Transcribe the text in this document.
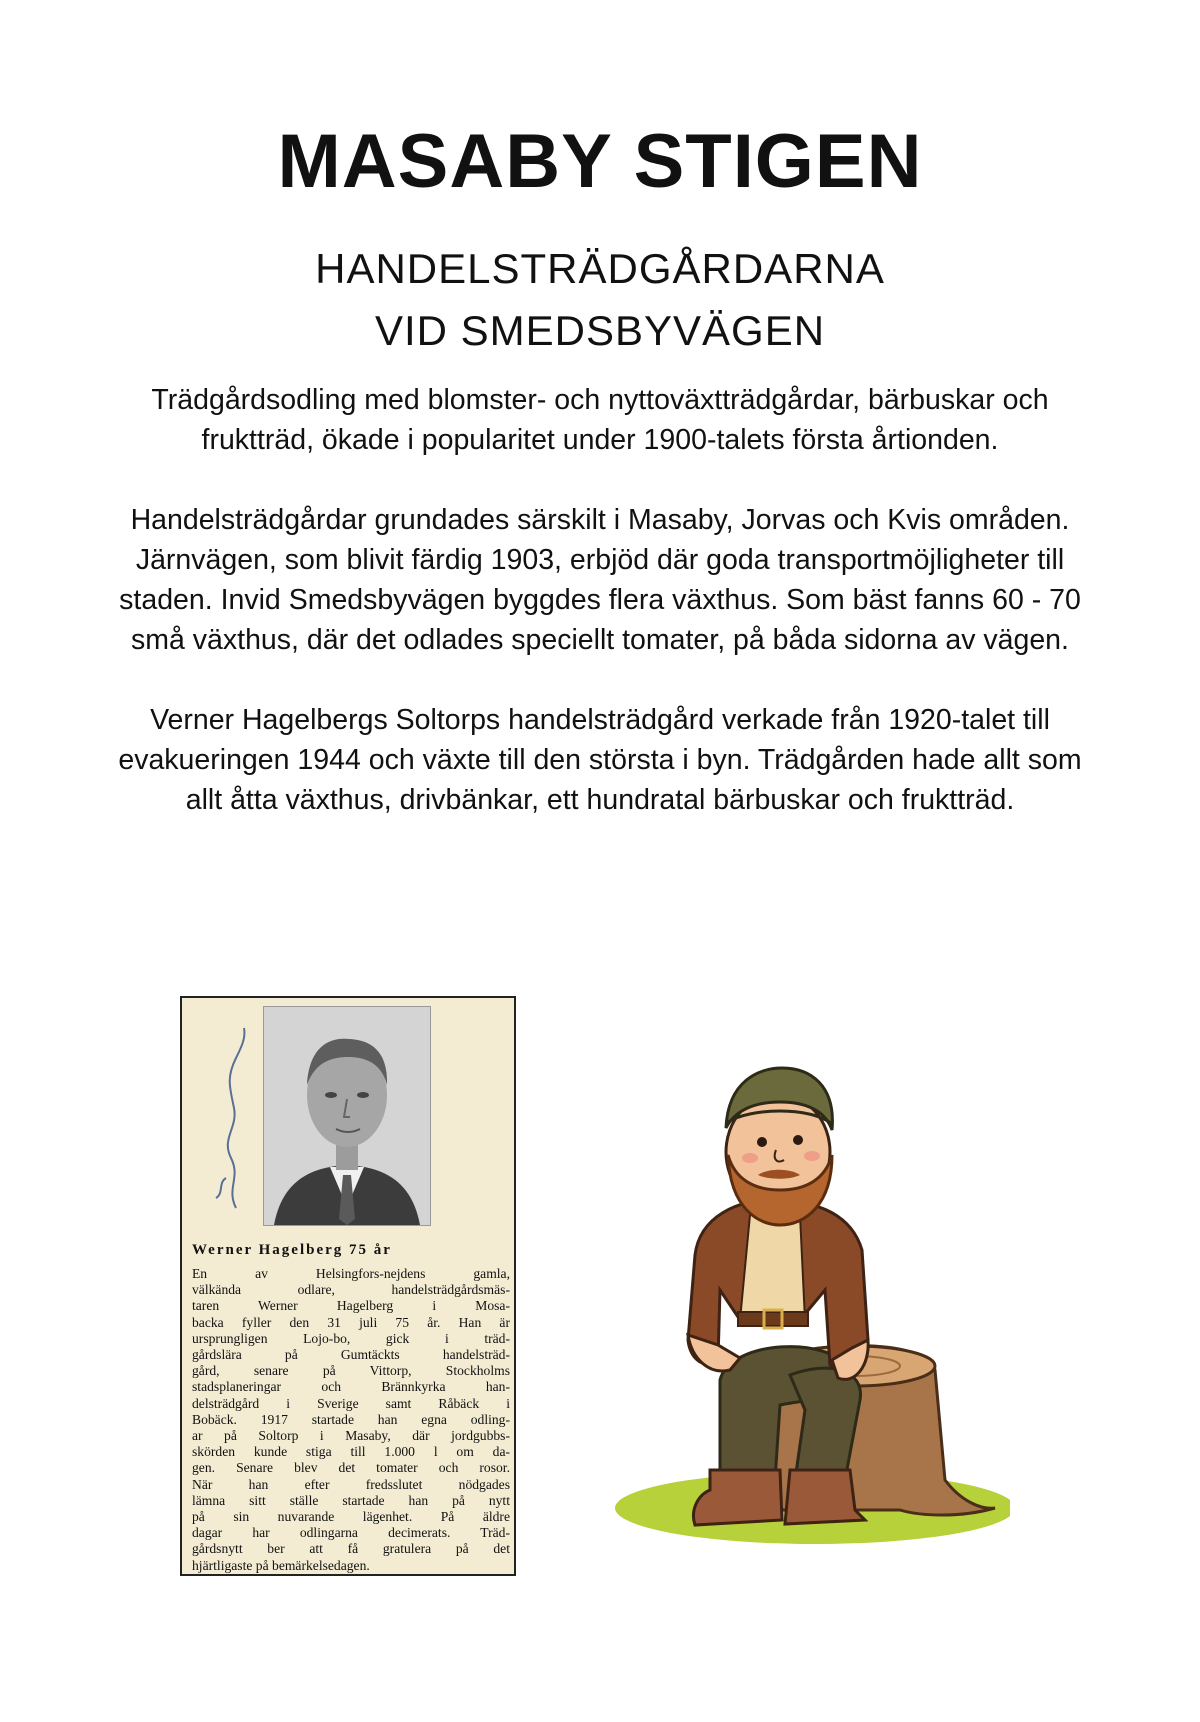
MASABY STIGEN
HANDELSTRÄDGÅRDARNA
VID SMEDSBYVÄGEN

Trädgårdsodling med blomster- och nyttoväxtträdgårdar, bärbuskar och fruktträd, ökade i popularitet under 1900-talets första årtionden.

Handelsträdgårdar grundades särskilt i Masaby, Jorvas och Kvis områden. Järnvägen, som blivit färdig 1903, erbjöd där goda transportmöjligheter till staden. Invid Smedsbyvägen byggdes flera växthus. Som bäst fanns 60 - 70 små växthus, där det odlades speciellt tomater, på båda sidorna av vägen.

Verner Hagelbergs Soltorps handelsträdgård verkade från 1920-talet till evakueringen 1944 och växte till den största i byn. Trädgården hade allt som allt åtta växthus, drivbänkar, ett hundratal bärbuskar och fruktträd.

Werner Hagelberg 75 år
En av Helsingfors-nejdens gamla,
välkända odlare, handelsträdgårdsmäs-
taren Werner Hagelberg i Mosa-
backa fyller den 31 juli 75 år. Han är
ursprungligen Lojo-bo, gick i träd-
gårdslära på Gumtäckts handelsträd-
gård, senare på Vittorp, Stockholms
stadsplaneringar och Brännkyrka han-
delsträdgård i Sverige samt Råbäck i
Bobäck. 1917 startade han egna odling-
ar på Soltorp i Masaby, där jordgubbs-
skörden kunde stiga till 1.000 l om da-
gen. Senare blev det tomater och rosor.
När han efter fredsslutet nödgades
lämna sitt ställe startade han på nytt
på sin nuvarande lägenhet. På äldre
dagar har odlingarna decimerats. Träd-
gårdsnytt ber att få gratulera på det
hjärtligaste på bemärkelsedagen.
